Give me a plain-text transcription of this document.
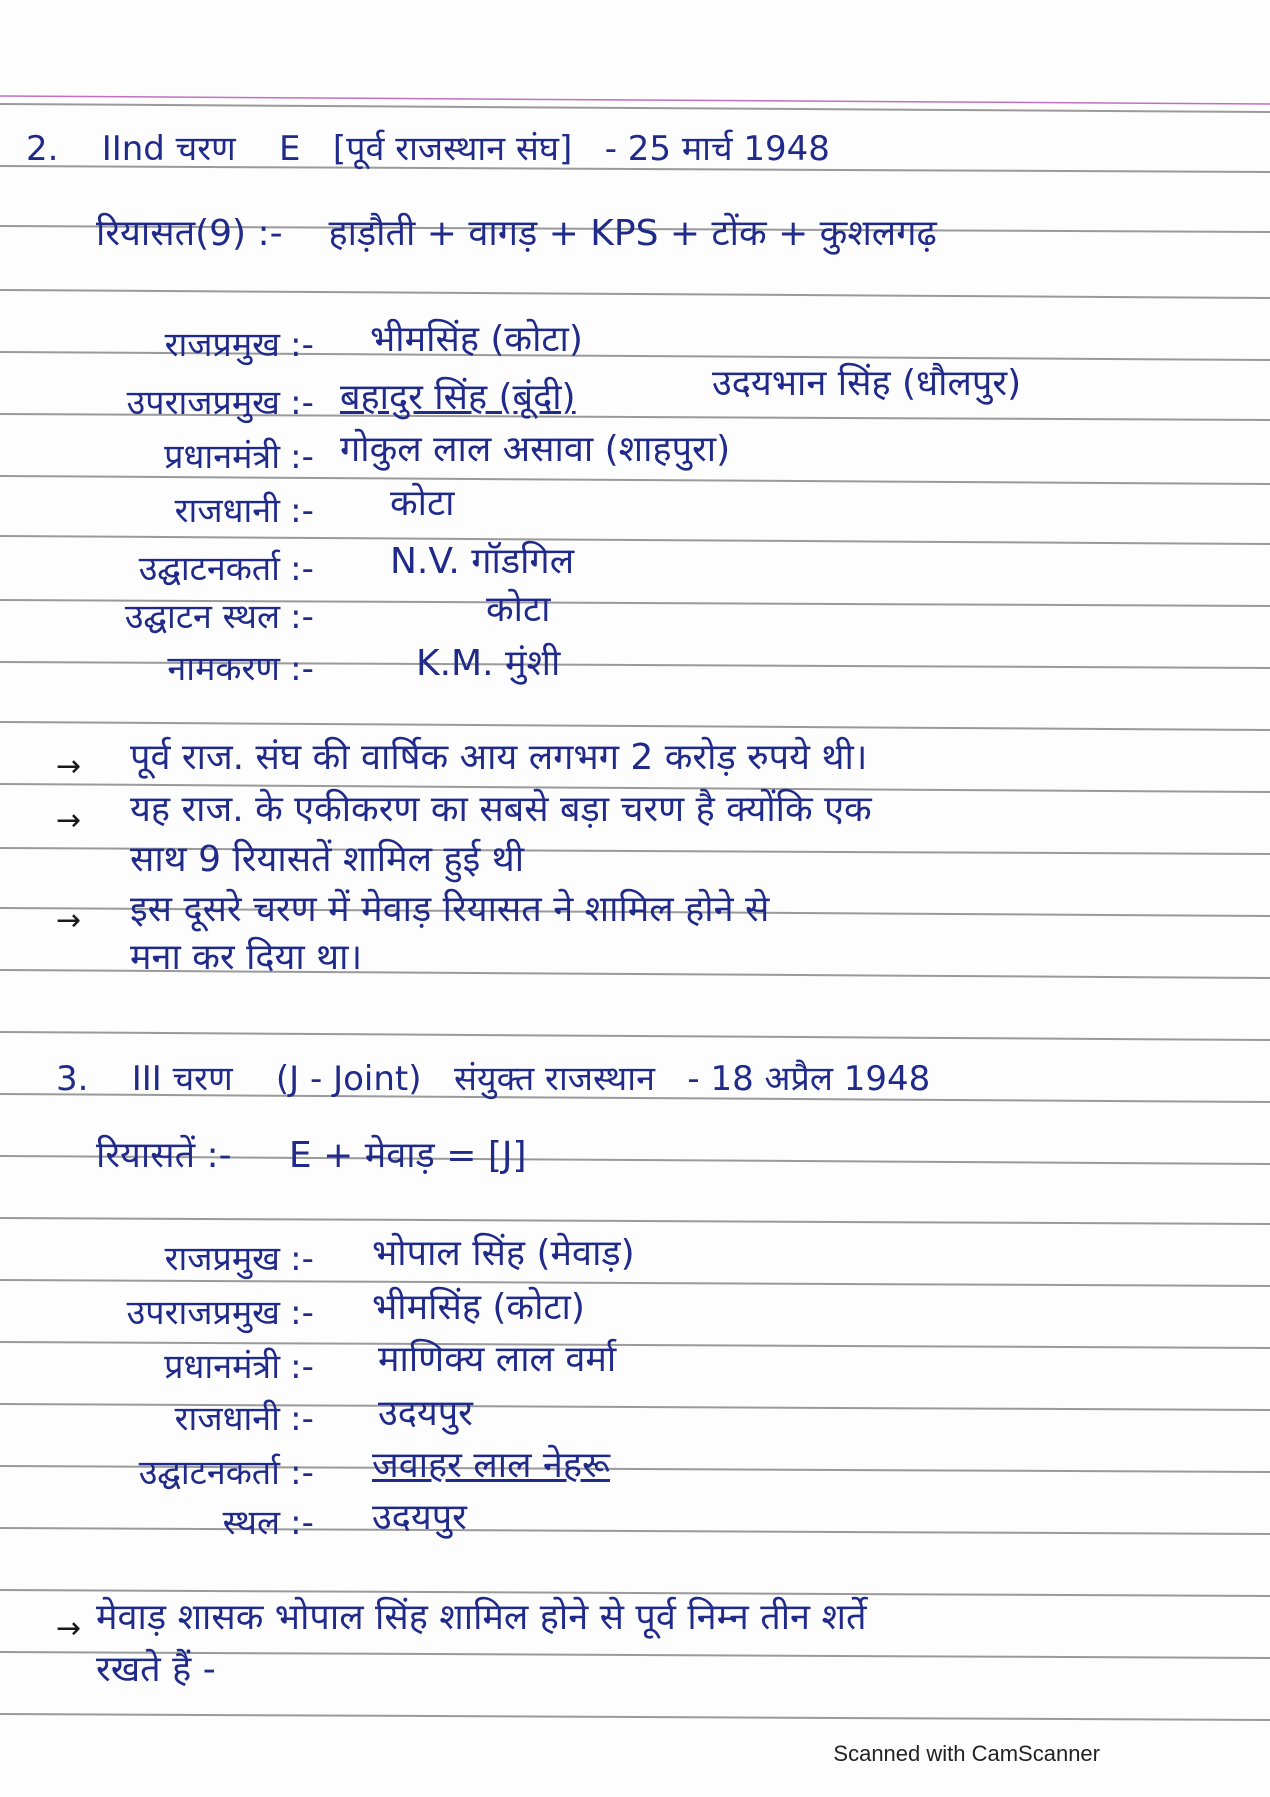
2. IInd चरण E [पूर्व राजस्थान संघ] - 25 मार्च 1948
रियासत(9) :- हाड़ौती + वागड़ + KPS + टोंक + कुशलगढ़
राजप्रमुख :- भीमसिंह (कोटा)
उपराजप्रमुख :- बहादुर सिंह (बूंदी)	उदयभान सिंह (धौलपुर)
प्रधानमंत्री :- गोकुल लाल असावा (शाहपुरा)
राजधानी :- कोटा
उद्घाटनकर्ता :- N.V. गॉडगिल
उद्घाटन स्थल :-	कोटा
नामकरण :-	K.M. मुंशी
→ पूर्व राज. संघ की वार्षिक आय लगभग 2 करोड़ रुपये थी।
→ यह राज. के एकीकरण का सबसे बड़ा चरण है क्योंकि एक
साथ 9 रियासतें शामिल हुई थी
→ इस दूसरे चरण में मेवाड़ रियासत ने शामिल होने से
मना कर दिया था।
3. III चरण (J - Joint) संयुक्त राजस्थान - 18 अप्रैल 1948
रियासतें :- E + मेवाड़ = [J]
राजप्रमुख :- भोपाल सिंह (मेवाड़)
उपराजप्रमुख :- भीमसिंह (कोटा)
प्रधानमंत्री :- माणिक्य लाल वर्मा
राजधानी :- उदयपुर
उद्घाटनकर्ता :- जवाहर लाल नेहरू
स्थल :- उदयपुर
→ मेवाड़ शासक भोपाल सिंह शामिल होने से पूर्व निम्न तीन शर्ते
रखते हैं -
Scanned with CamScanner
